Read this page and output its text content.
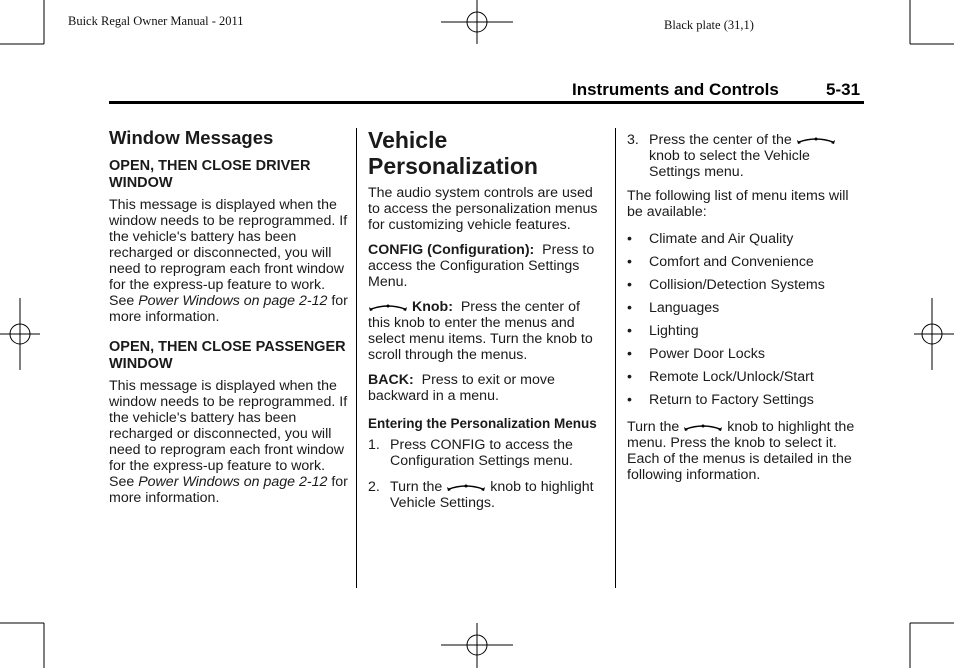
Buick Regal Owner Manual - 2011	Black plate (31,1)
Instruments and Controls	5-31
Window Messages
OPEN, THEN CLOSE DRIVER WINDOW

This message is displayed when the window needs to be reprogrammed. If the vehicle's battery has been recharged or disconnected, you will need to reprogram each front window for the express-up feature to work. See Power Windows on page 2-12 for more information.

OPEN, THEN CLOSE PASSENGER WINDOW

This message is displayed when the window needs to be reprogrammed. If the vehicle's battery has been recharged or disconnected, you will need to reprogram each front window for the express-up feature to work. See Power Windows on page 2-12 for more information.

Vehicle Personalization

The audio system controls are used to access the personalization menus for customizing vehicle features.

CONFIG (Configuration): Press to access the Configuration Settings Menu.

Knob: Press the center of this knob to enter the menus and select menu items. Turn the knob to scroll through the menus.

BACK: Press to exit or move backward in a menu.

Entering the Personalization Menus
1. Press CONFIG to access the Configuration Settings menu.
2. Turn the	knob to highlight Vehicle Settings.
3. Press the center of the  knob to select the Vehicle Settings menu.

The following list of menu items will be available:

•	Climate and Air Quality
•	Comfort and Convenience
•	Collision/Detection Systems
•	Languages
•	Lighting
•	Power Door Locks
•	Remote Lock/Unlock/Start
•	Return to Factory Settings

Turn the	knob to highlight the menu. Press the knob to select it. Each of the menus is detailed in the following information.
